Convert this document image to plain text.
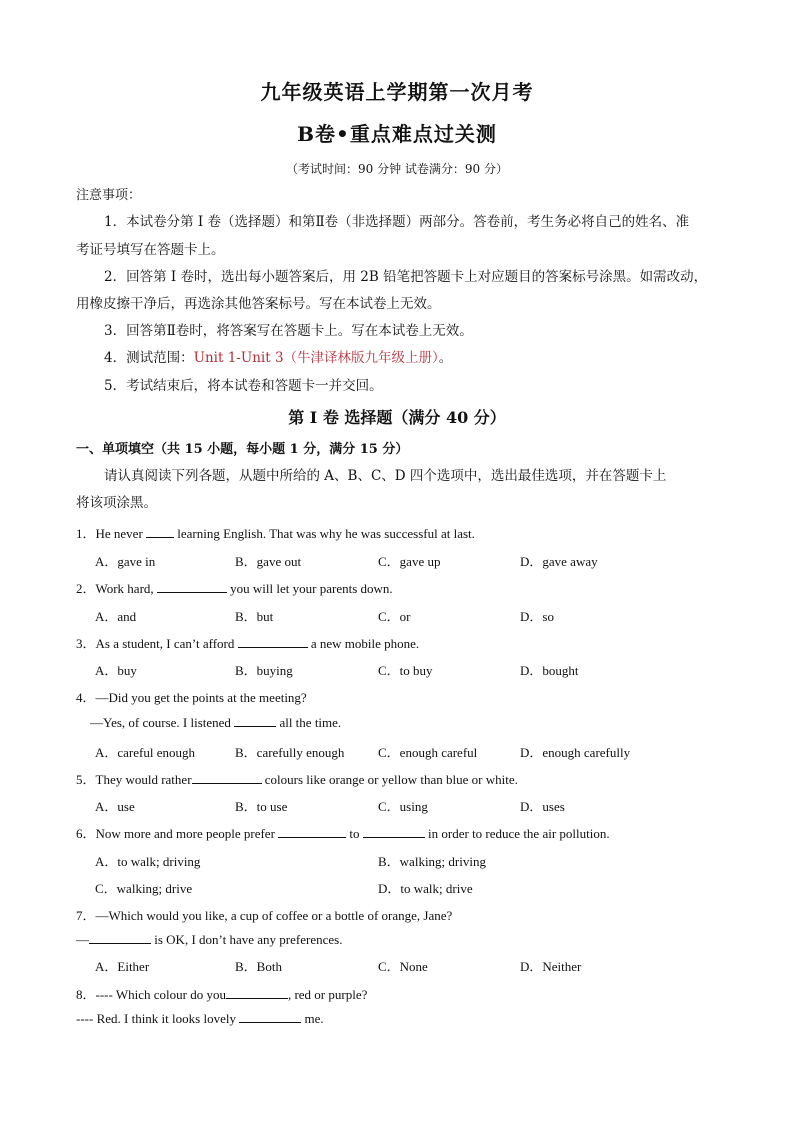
九年级英语上学期第一次月考
B卷•重点难点过关测
（考试时间：90 分钟 试卷满分：90 分）
注意事项：
1．本试卷分第 I 卷（选择题）和第Ⅱ卷（非选择题）两部分。答卷前，考生务必将自己的姓名、准
考证号填写在答题卡上。
2．回答第 I 卷时，选出每小题答案后，用 2B 铅笔把答题卡上对应题目的答案标号涂黑。如需改动，
用橡皮擦干净后，再选涂其他答案标号。写在本试卷上无效。
3．回答第Ⅱ卷时，将答案写在答题卡上。写在本试卷上无效。
4．测试范围：Unit 1-Unit 3（牛津译林版九年级上册）。
5．考试结束后，将本试卷和答题卡一并交回。
第 I 卷 选择题（满分 40 分）
一、单项填空（共 15 小题，每小题 1 分，满分 15 分）
请认真阅读下列各题，从题中所给的 A、B、C、D 四个选项中，选出最佳选项，并在答题卡上
将该项涂黑。
1．He never  learning English. That was why he was successful at last.
A．gave in	B．gave out	C．gave up	D．gave away
2．Work hard,	you will let your parents down.
A．and	B．but	C．or	D．so
3．As a student, I can’t afford	a new mobile phone.
A．buy	B．buying	C．to buy	D．bought
4．—Did you get the points at the meeting?
—Yes, of course. I listened	all the time.
A．careful enough	B．carefully enough	C．enough careful	D．enough carefully
5．They would rather	colours like orange or yellow than blue or white.
A．use	B．to use	C．using	D．uses
6．Now more and more people prefer	to	in order to reduce the air pollution.
A．to walk; driving	B．walking; driving
C．walking; drive	D．to walk; drive
7．—Which would you like, a cup of coffee or a bottle of orange, Jane?
—	is OK, I don’t have any preferences.
A．Either	B．Both	C．None	D．Neither
8．---- Which colour do you	, red or purple?
---- Red. I think it looks lovely	me.
